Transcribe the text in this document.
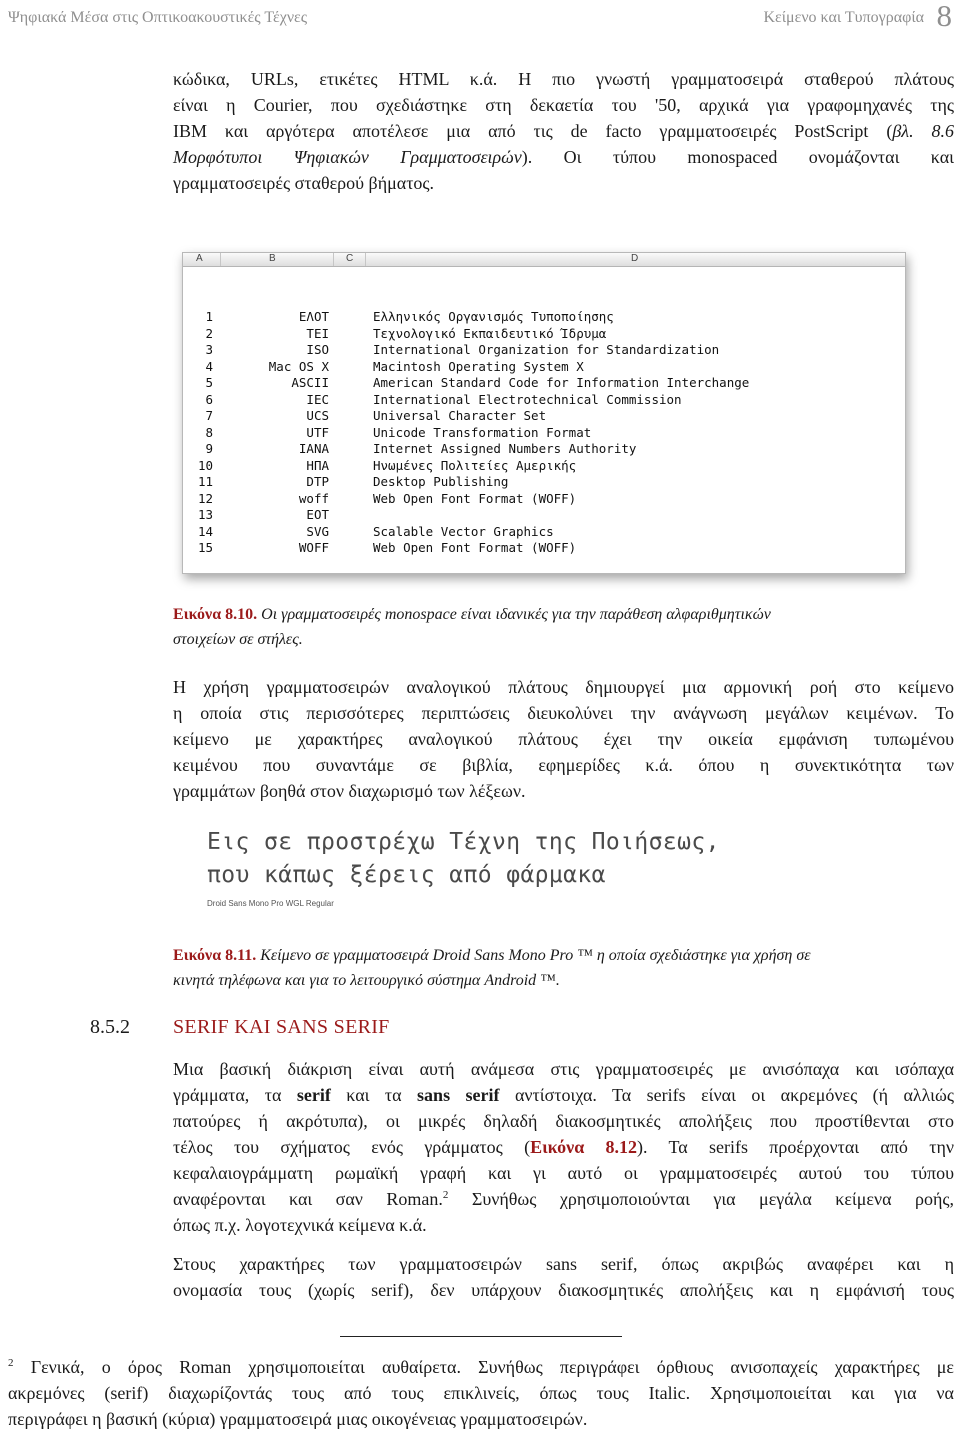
Ψηφιακά Μέσα στις Οπτικοακουστικές Τέχνες	Κείμενο και Τυπογραφία 8
κώδικα, URLs, ετικέτες HTML κ.ά. Η πιο γνωστή γραμματοσειρά σταθερού πλάτους
είναι η Courier, που σχεδιάστηκε στη δεκαετία του '50, αρχικά για γραφομηχανές της
IBM και αργότερα αποτέλεσε μια από τις de facto γραμματοσειρές PostScript (βλ. 8.6
Μορφότυποι Ψηφιακών Γραμματοσειρών). Οι τύπου monospaced ονομάζονται και
γραμματοσειρές σταθερού βήματος.
A	B	C	D
1	ΕΛΟΤ	Ελληνικός Οργανισμός Τυποποίησης
2	ΤΕΙ	Τεχνολογικό Εκπαιδευτικό Ίδρυμα
3	ISO	International Organization for Standardization
4	Mac OS X	Macintosh Operating System X
5	ASCII	American Standard Code for Information Interchange
6	IEC	International Electrotechnical Commission
7	UCS	Universal Character Set
8	UTF	Unicode Transformation Format
9	IANA	Internet Assigned Numbers Authority
10	ΗΠΑ	Ηνωμένες Πολιτείες Αμερικής
11	DTP	Desktop Publishing
12	woff	Web Open Font Format (WOFF)
13	EOT
14	SVG	Scalable Vector Graphics
15	WOFF	Web Open Font Format (WOFF)
Εικόνα 8.10. Οι γραμματοσειρές monospace είναι ιδανικές για την παράθεση αλφαριθμητικών
στοιχείων σε στήλες.
Η χρήση γραμματοσειρών αναλογικού πλάτους δημιουργεί μια αρμονική ροή στο κείμενο
η οποία στις περισσότερες περιπτώσεις διευκολύνει την ανάγνωση μεγάλων κειμένων. Το
κείμενο με χαρακτήρες αναλογικού πλάτους έχει την οικεία εμφάνιση τυπωμένου
κειμένου που συναντάμε σε βιβλία, εφημερίδες κ.ά. όπου η συνεκτικότητα των
γραμμάτων βοηθά στον διαχωρισμό των λέξεων.
Εις σε προστρέχω Τέχνη της Ποιήσεως,
που κάπως ξέρεις από φάρμακα
Droid Sans Mono Pro WGL Regular
Εικόνα 8.11. Κείμενο σε γραμματοσειρά Droid Sans Mono Pro ™ η οποία σχεδιάστηκε για χρήση σε
κινητά τηλέφωνα και για το λειτουργικό σύστημα Android ™.
8.5.2 SERIF ΚΑΙ SANS SERIF
Μια βασική διάκριση είναι αυτή ανάμεσα στις γραμματοσειρές με ανισόπαχα και ισόπαχα
γράμματα, τα serif και τα sans serif αντίστοιχα. Τα serifs είναι οι ακρεμόνες (ή αλλιώς
πατούρες ή ακρότυπα), οι μικρές δηλαδή διακοσμητικές απολήξεις που προστίθενται στο
τέλος του σχήματος ενός γράμματος (Εικόνα 8.12). Τα serifs προέρχονται από την
κεφαλαιογράμματη ρωμαϊκή γραφή και γι αυτό οι γραμματοσειρές αυτού του τύπου
αναφέρονται και σαν Roman.$^2$ Συνήθως χρησιμοποιούνται για μεγάλα κείμενα ροής,
όπως π.χ. λογοτεχνικά κείμενα κ.ά.
Στους χαρακτήρες των γραμματοσειρών sans serif, όπως ακριβώς αναφέρει και η
ονομασία τους (χωρίς serif), δεν υπάρχουν διακοσμητικές απολήξεις και η εμφάνισή τους
$^2$ Γενικά, ο όρος Roman χρησιμοποιείται αυθαίρετα. Συνήθως περιγράφει όρθιους ανισοπαχείς χαρακτήρες με
ακρεμόνες (serif) διαχωρίζοντάς τους από τους επικλινείς, όπως τους Italic. Χρησιμοποιείται και για να
περιγράφει η βασική (κύρια) γραμματοσειρά μιας οικογένειας γραμματοσειρών.
